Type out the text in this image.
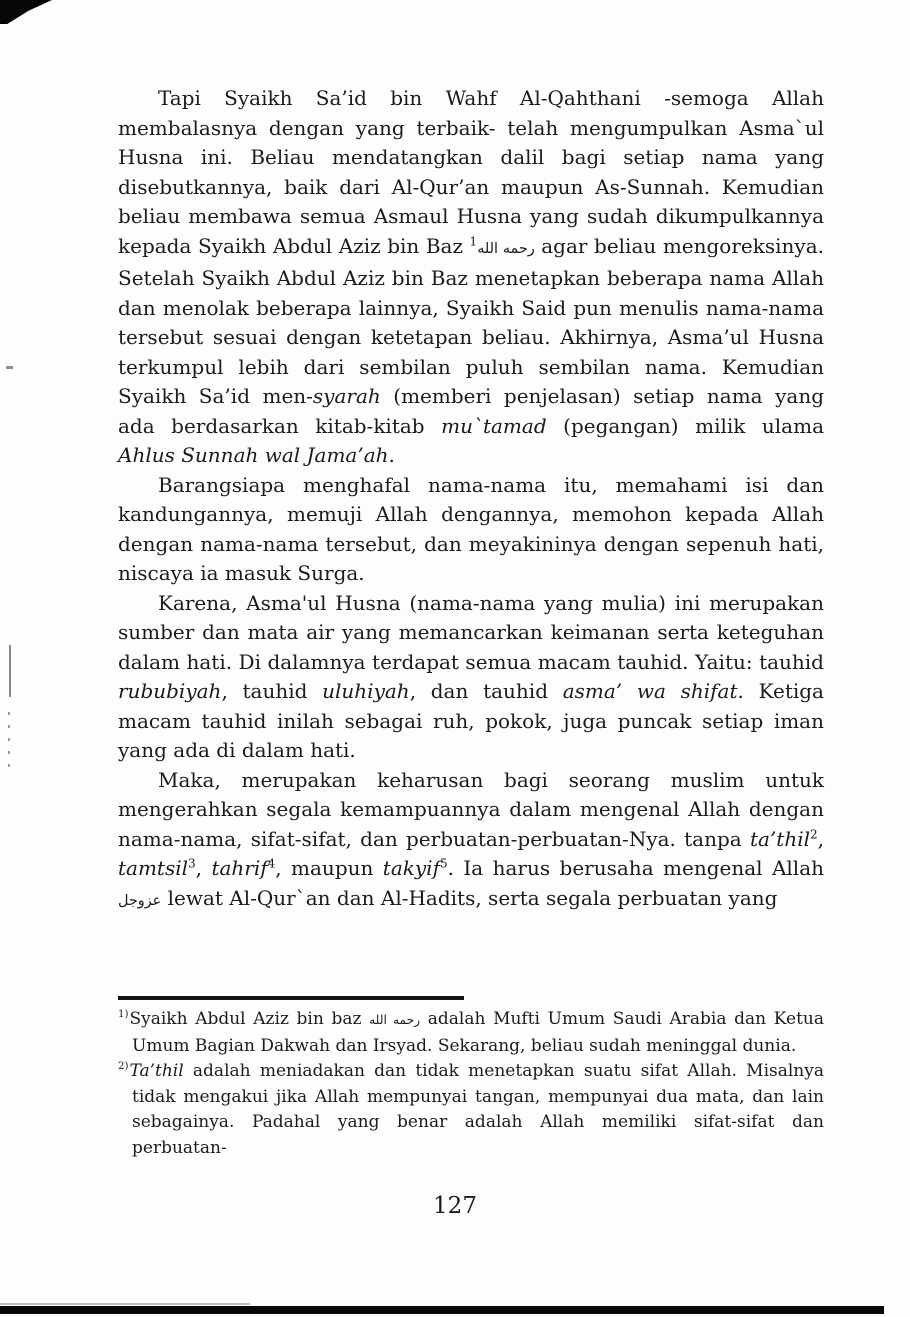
Tapi Syaikh Sa’id bin Wahf Al-Qahthani -semoga Allah membalasnya dengan yang terbaik- telah mengumpulkan Asma`ul Husna ini. Beliau mendatangkan dalil bagi setiap nama yang disebutkannya, baik dari Al-Qur’an maupun As-Sunnah. Kemudian beliau membawa semua Asmaul Husna yang sudah dikumpulkannya kepada Syaikh Abdul Aziz bin Baz رحمه الله$^1$	agar beliau mengoreksinya. Setelah Syaikh Abdul Aziz bin Baz menetapkan beberapa nama Allah dan menolak beberapa lainnya, Syaikh Said pun menulis nama-nama tersebut sesuai dengan ketetapan beliau. Akhirnya, Asma’ul Husna terkumpul lebih dari sembilan puluh sembilan nama. Kemudian Syaikh Sa’id men-syarah (memberi penjelasan) setiap nama yang ada berdasarkan kitab-kitab mu`tamad (pegangan) milik ulama Ahlus Sunnah wal Jama’ah.

Barangsiapa menghafal nama-nama itu, memahami isi dan kandungannya, memuji Allah dengannya, memohon kepada Allah dengan nama-nama tersebut, dan meyakininya dengan sepenuh hati, niscaya ia masuk Surga.

Karena, Asma'ul Husna (nama-nama yang mulia) ini merupakan sumber dan mata air yang memancarkan keimanan serta keteguhan dalam hati. Di dalamnya terdapat semua macam tauhid. Yaitu: tauhid rububiyah, tauhid uluhiyah, dan tauhid asma’ wa shifat. Ketiga macam tauhid inilah sebagai ruh, pokok, juga puncak setiap iman yang ada di dalam hati.

Maka, merupakan keharusan bagi seorang muslim untuk mengerahkan segala kemampuannya dalam mengenal Allah dengan nama-nama, sifat-sifat, dan perbuatan-perbuatan-Nya. tanpa ta’thil$^2$, tamtsil$^3$, tahrif$^4$, maupun takyif$^5$. Ia harus berusaha mengenal Allah عزوجل lewat Al-Qur`an dan Al-Hadits, serta segala perbuatan yang

$^{1)}$Syaikh Abdul Aziz bin baz رحمه الله adalah Mufti Umum Saudi Arabia dan Ketua Umum Bagian Dakwah dan Irsyad. Sekarang, beliau sudah meninggal dunia.
$^{2)}$Ta’thil adalah meniadakan dan tidak menetapkan suatu sifat Allah. Misalnya tidak mengakui jika Allah mempunyai tangan, mempunyai dua mata, dan lain sebagainya. Padahal yang benar adalah Allah memiliki sifat-sifat dan perbuatan-
127
